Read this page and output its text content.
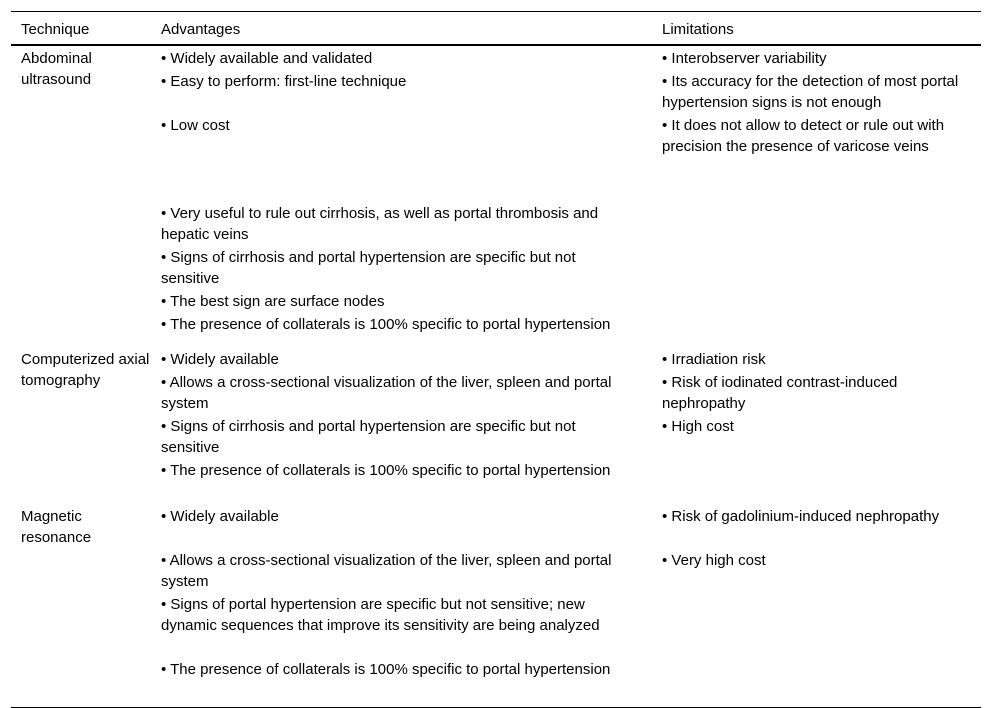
Technique	Advantages	Limitations
Abdominal ultrasound
• Widely available and validated
• Easy to perform: first-line technique
• Low cost
• Interobserver variability
• Its accuracy for the detection of most portal hypertension signs is not enough
• It does not allow to detect or rule out with precision the presence of varicose veins
• Very useful to rule out cirrhosis, as well as portal thrombosis and hepatic veins
• Signs of cirrhosis and portal hypertension are specific but not sensitive
• The best sign are surface nodes
• The presence of collaterals is 100% specific to portal hypertension
Computerized axial tomography
• Widely available
• Allows a cross-sectional visualization of the liver, spleen and portal system
• Signs of cirrhosis and portal hypertension are specific but not sensitive
• The presence of collaterals is 100% specific to portal hypertension
• Irradiation risk
• Risk of iodinated contrast-induced nephropathy
• High cost
Magnetic resonance
• Widely available
• Allows a cross-sectional visualization of the liver, spleen and portal system
• Signs of portal hypertension are specific but not sensitive; new dynamic sequences that improve its sensitivity are being analyzed
• The presence of collaterals is 100% specific to portal hypertension
• Risk of gadolinium-induced nephropathy
• Very high cost
